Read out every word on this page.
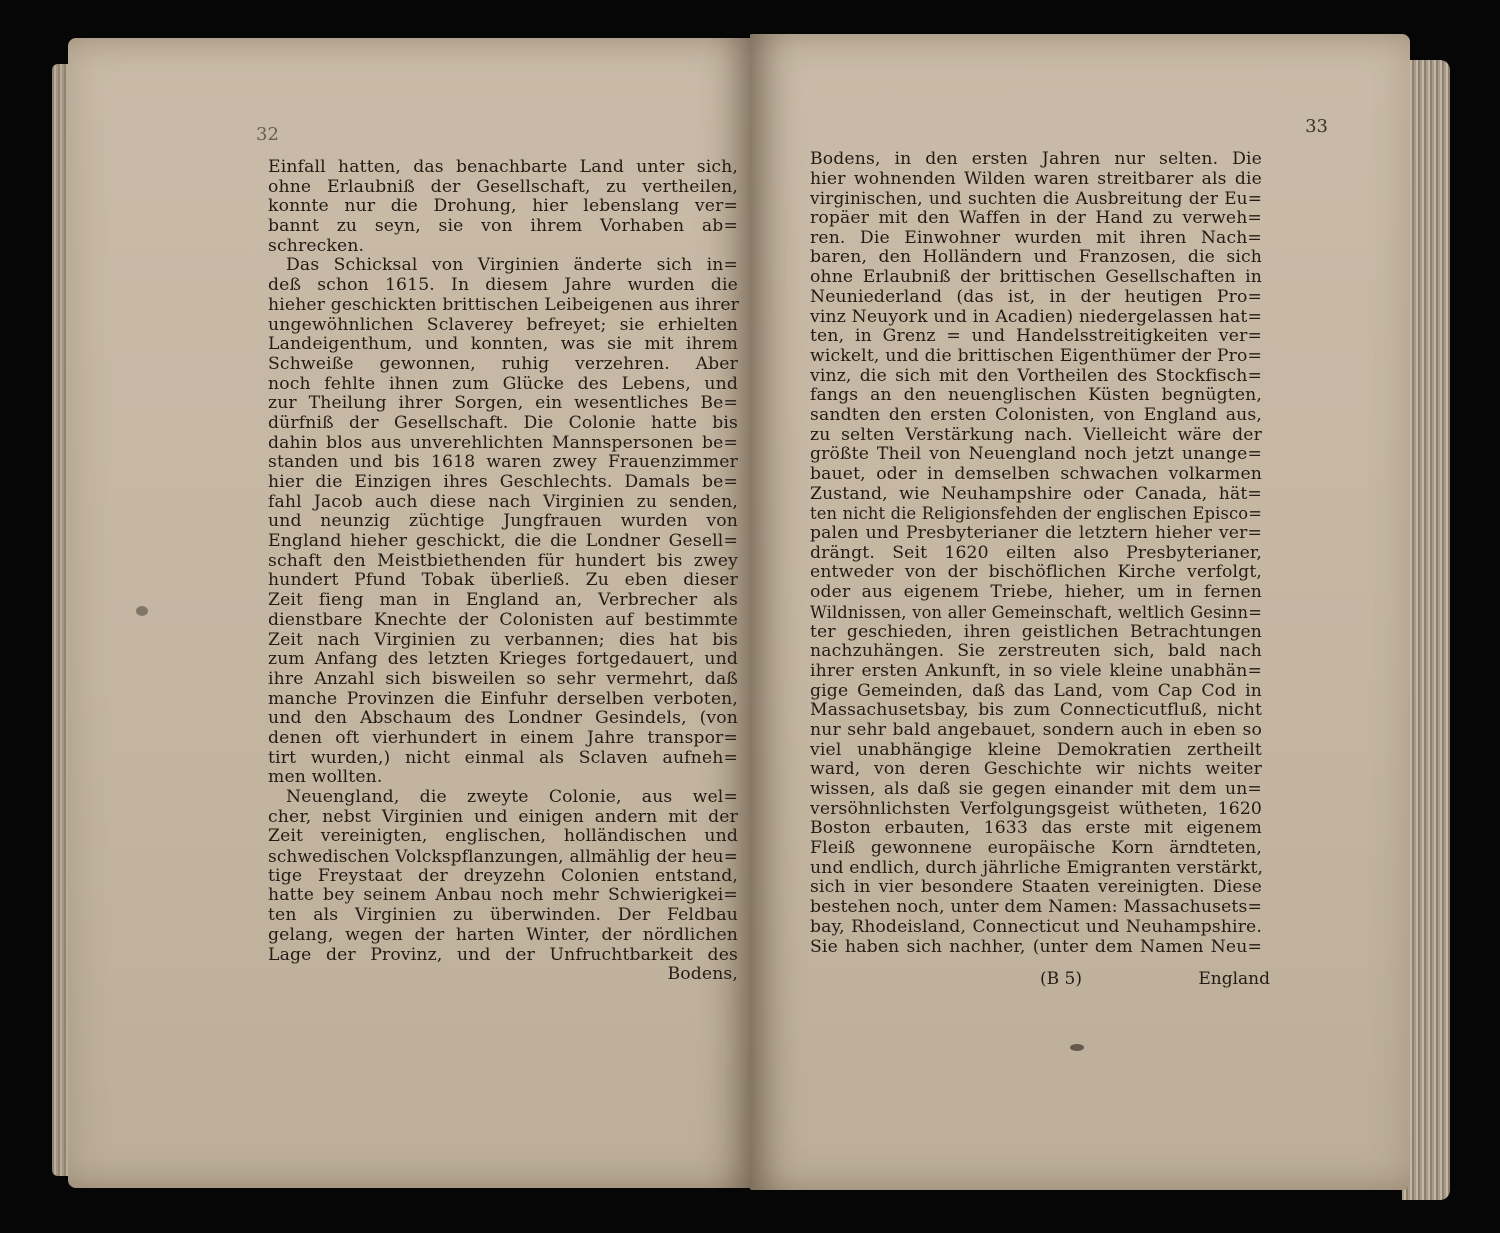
32
Einfall hatten, das benachbarte Land unter sich,
ohne Erlaubniß der Gesellschaft, zu vertheilen,
konnte nur die Drohung, hier lebenslang ver=
bannt zu seyn, sie von ihrem Vorhaben ab=
schrecken.
Das Schicksal von Virginien änderte sich in=
deß schon 1615. In diesem Jahre wurden die
hieher geschickten brittischen Leibeigenen aus ihrer
ungewöhnlichen Sclaverey befreyet; sie erhielten
Landeigenthum, und konnten, was sie mit ihrem
Schweiße gewonnen, ruhig verzehren. Aber
noch fehlte ihnen zum Glücke des Lebens, und
zur Theilung ihrer Sorgen, ein wesentliches Be=
dürfniß der Gesellschaft. Die Colonie hatte bis
dahin blos aus unverehlichten Mannspersonen be=
standen und bis 1618 waren zwey Frauenzimmer
hier die Einzigen ihres Geschlechts. Damals be=
fahl Jacob auch diese nach Virginien zu senden,
und neunzig züchtige Jungfrauen wurden von
England hieher geschickt, die die Londner Gesell=
schaft den Meistbiethenden für hundert bis zwey
hundert Pfund Tobak überließ. Zu eben dieser
Zeit fieng man in England an, Verbrecher als
dienstbare Knechte der Colonisten auf bestimmte
Zeit nach Virginien zu verbannen; dies hat bis
zum Anfang des letzten Krieges fortgedauert, und
ihre Anzahl sich bisweilen so sehr vermehrt, daß
manche Provinzen die Einfuhr derselben verboten,
und den Abschaum des Londner Gesindels, (von
denen oft vierhundert in einem Jahre transpor=
tirt wurden,) nicht einmal als Sclaven aufneh=
men wollten.
Neuengland, die zweyte Colonie, aus wel=
cher, nebst Virginien und einigen andern mit der
Zeit vereinigten, englischen, holländischen und
schwedischen Volckspflanzungen, allmählig der heu=
tige Freystaat der dreyzehn Colonien entstand,
hatte bey seinem Anbau noch mehr Schwierigkei=
ten als Virginien zu überwinden. Der Feldbau
gelang, wegen der harten Winter, der nördlichen
Lage der Provinz, und der Unfruchtbarkeit des
Bodens,
33
Bodens, in den ersten Jahren nur selten. Die
hier wohnenden Wilden waren streitbarer als die
virginischen, und suchten die Ausbreitung der Eu=
ropäer mit den Waffen in der Hand zu verweh=
ren. Die Einwohner wurden mit ihren Nach=
baren, den Holländern und Franzosen, die sich
ohne Erlaubniß der brittischen Gesellschaften in
Neuniederland (das ist, in der heutigen Pro=
vinz Neuyork und in Acadien) niedergelassen hat=
ten, in Grenz = und Handelsstreitigkeiten ver=
wickelt, und die brittischen Eigenthümer der Pro=
vinz, die sich mit den Vortheilen des Stockfisch=
fangs an den neuenglischen Küsten begnügten,
sandten den ersten Colonisten, von England aus,
zu selten Verstärkung nach. Vielleicht wäre der
größte Theil von Neuengland noch jetzt unange=
bauet, oder in demselben schwachen volkarmen
Zustand, wie Neuhampshire oder Canada, hät=
ten nicht die Religionsfehden der englischen Episco=
palen und Presbyterianer die letztern hieher ver=
drängt. Seit 1620 eilten also Presbyterianer,
entweder von der bischöflichen Kirche verfolgt,
oder aus eigenem Triebe, hieher, um in fernen
Wildnissen, von aller Gemeinschaft, weltlich Gesinn=
ter geschieden, ihren geistlichen Betrachtungen
nachzuhängen. Sie zerstreuten sich, bald nach
ihrer ersten Ankunft, in so viele kleine unabhän=
gige Gemeinden, daß das Land, vom Cap Cod in
Massachusetsbay, bis zum Connecticutfluß, nicht
nur sehr bald angebauet, sondern auch in eben so
viel unabhängige kleine Demokratien zertheilt
ward, von deren Geschichte wir nichts weiter
wissen, als daß sie gegen einander mit dem un=
versöhnlichsten Verfolgungsgeist wütheten, 1620
Boston erbauten, 1633 das erste mit eigenem
Fleiß gewonnene europäische Korn ärndteten,
und endlich, durch jährliche Emigranten verstärkt,
sich in vier besondere Staaten vereinigten. Diese
bestehen noch, unter dem Namen: Massachusets=
bay, Rhodeisland, Connecticut und Neuhampshire.
Sie haben sich nachher, (unter dem Namen Neu=
(B 5)	England
